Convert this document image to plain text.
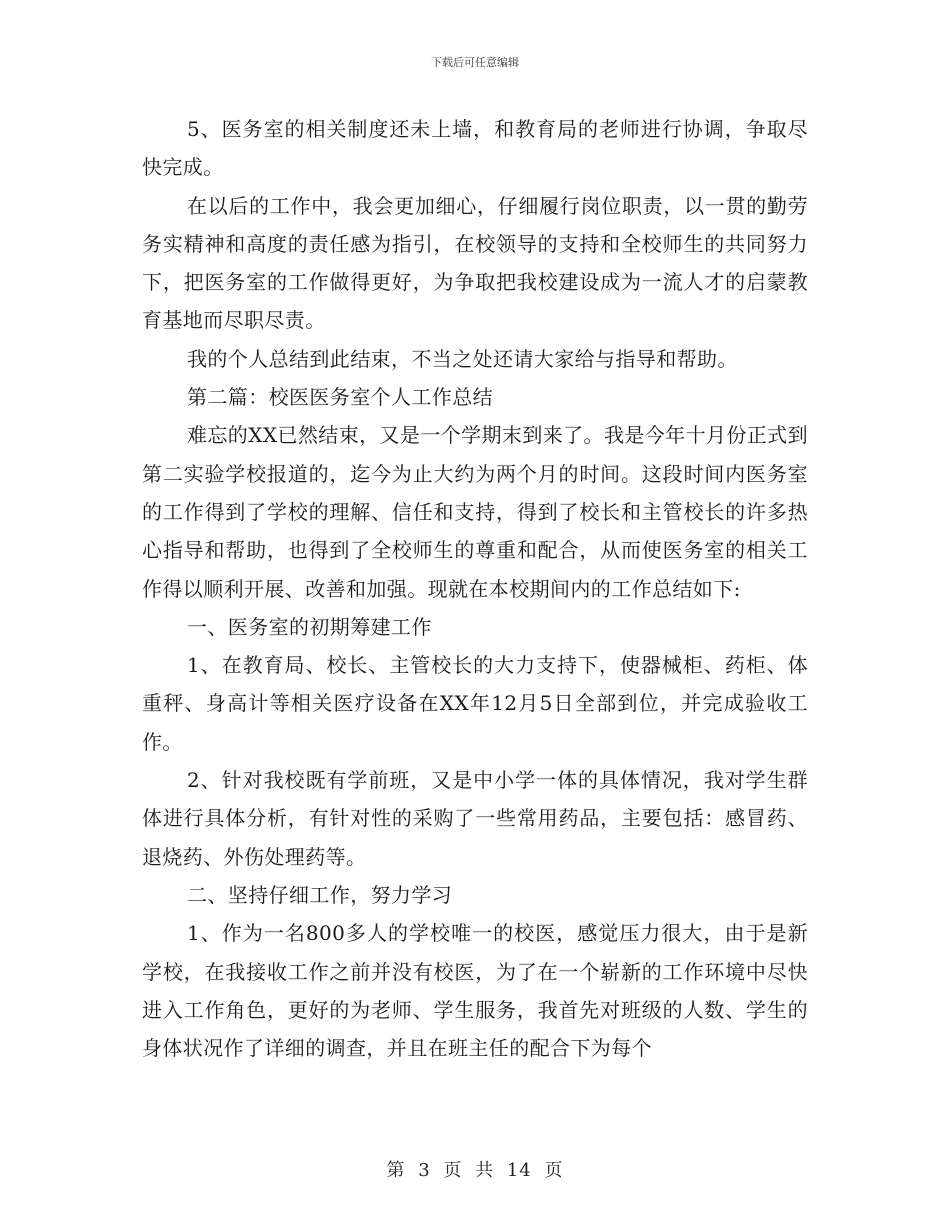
下载后可任意编辑

5、医务室的相关制度还未上墙，和教育局的老师进行协调，争取尽快完成。

在以后的工作中，我会更加细心，仔细履行岗位职责，以一贯的勤劳务实精神和高度的责任感为指引，在校领导的支持和全校师生的共同努力下，把医务室的工作做得更好，为争取把我校建设成为一流人才的启蒙教育基地而尽职尽责。

我的个人总结到此结束，不当之处还请大家给与指导和帮助。

第二篇：校医医务室个人工作总结

难忘的XX已然结束，又是一个学期末到来了。我是今年十月份正式到第二实验学校报道的，迄今为止大约为两个月的时间。这段时间内医务室的工作得到了学校的理解、信任和支持，得到了校长和主管校长的许多热心指导和帮助，也得到了全校师生的尊重和配合，从而使医务室的相关工作得以顺利开展、改善和加强。现就在本校期间内的工作总结如下:

一、医务室的初期筹建工作

1、在教育局、校长、主管校长的大力支持下，使器械柜、药柜、体重秤、身高计等相关医疗设备在XX年12月5日全部到位，并完成验收工作。

2、针对我校既有学前班，又是中小学一体的具体情况，我对学生群体进行具体分析，有针对性的采购了一些常用药品，主要包括：感冒药、退烧药、外伤处理药等。

二、坚持仔细工作，努力学习

1、作为一名800多人的学校唯一的校医，感觉压力很大，由于是新学校，在我接收工作之前并没有校医，为了在一个崭新的工作环境中尽快进入工作角色，更好的为老师、学生服务，我首先对班级的人数、学生的身体状况作了详细的调查，并且在班主任的配合下为每个

第 3 页 共 14 页
